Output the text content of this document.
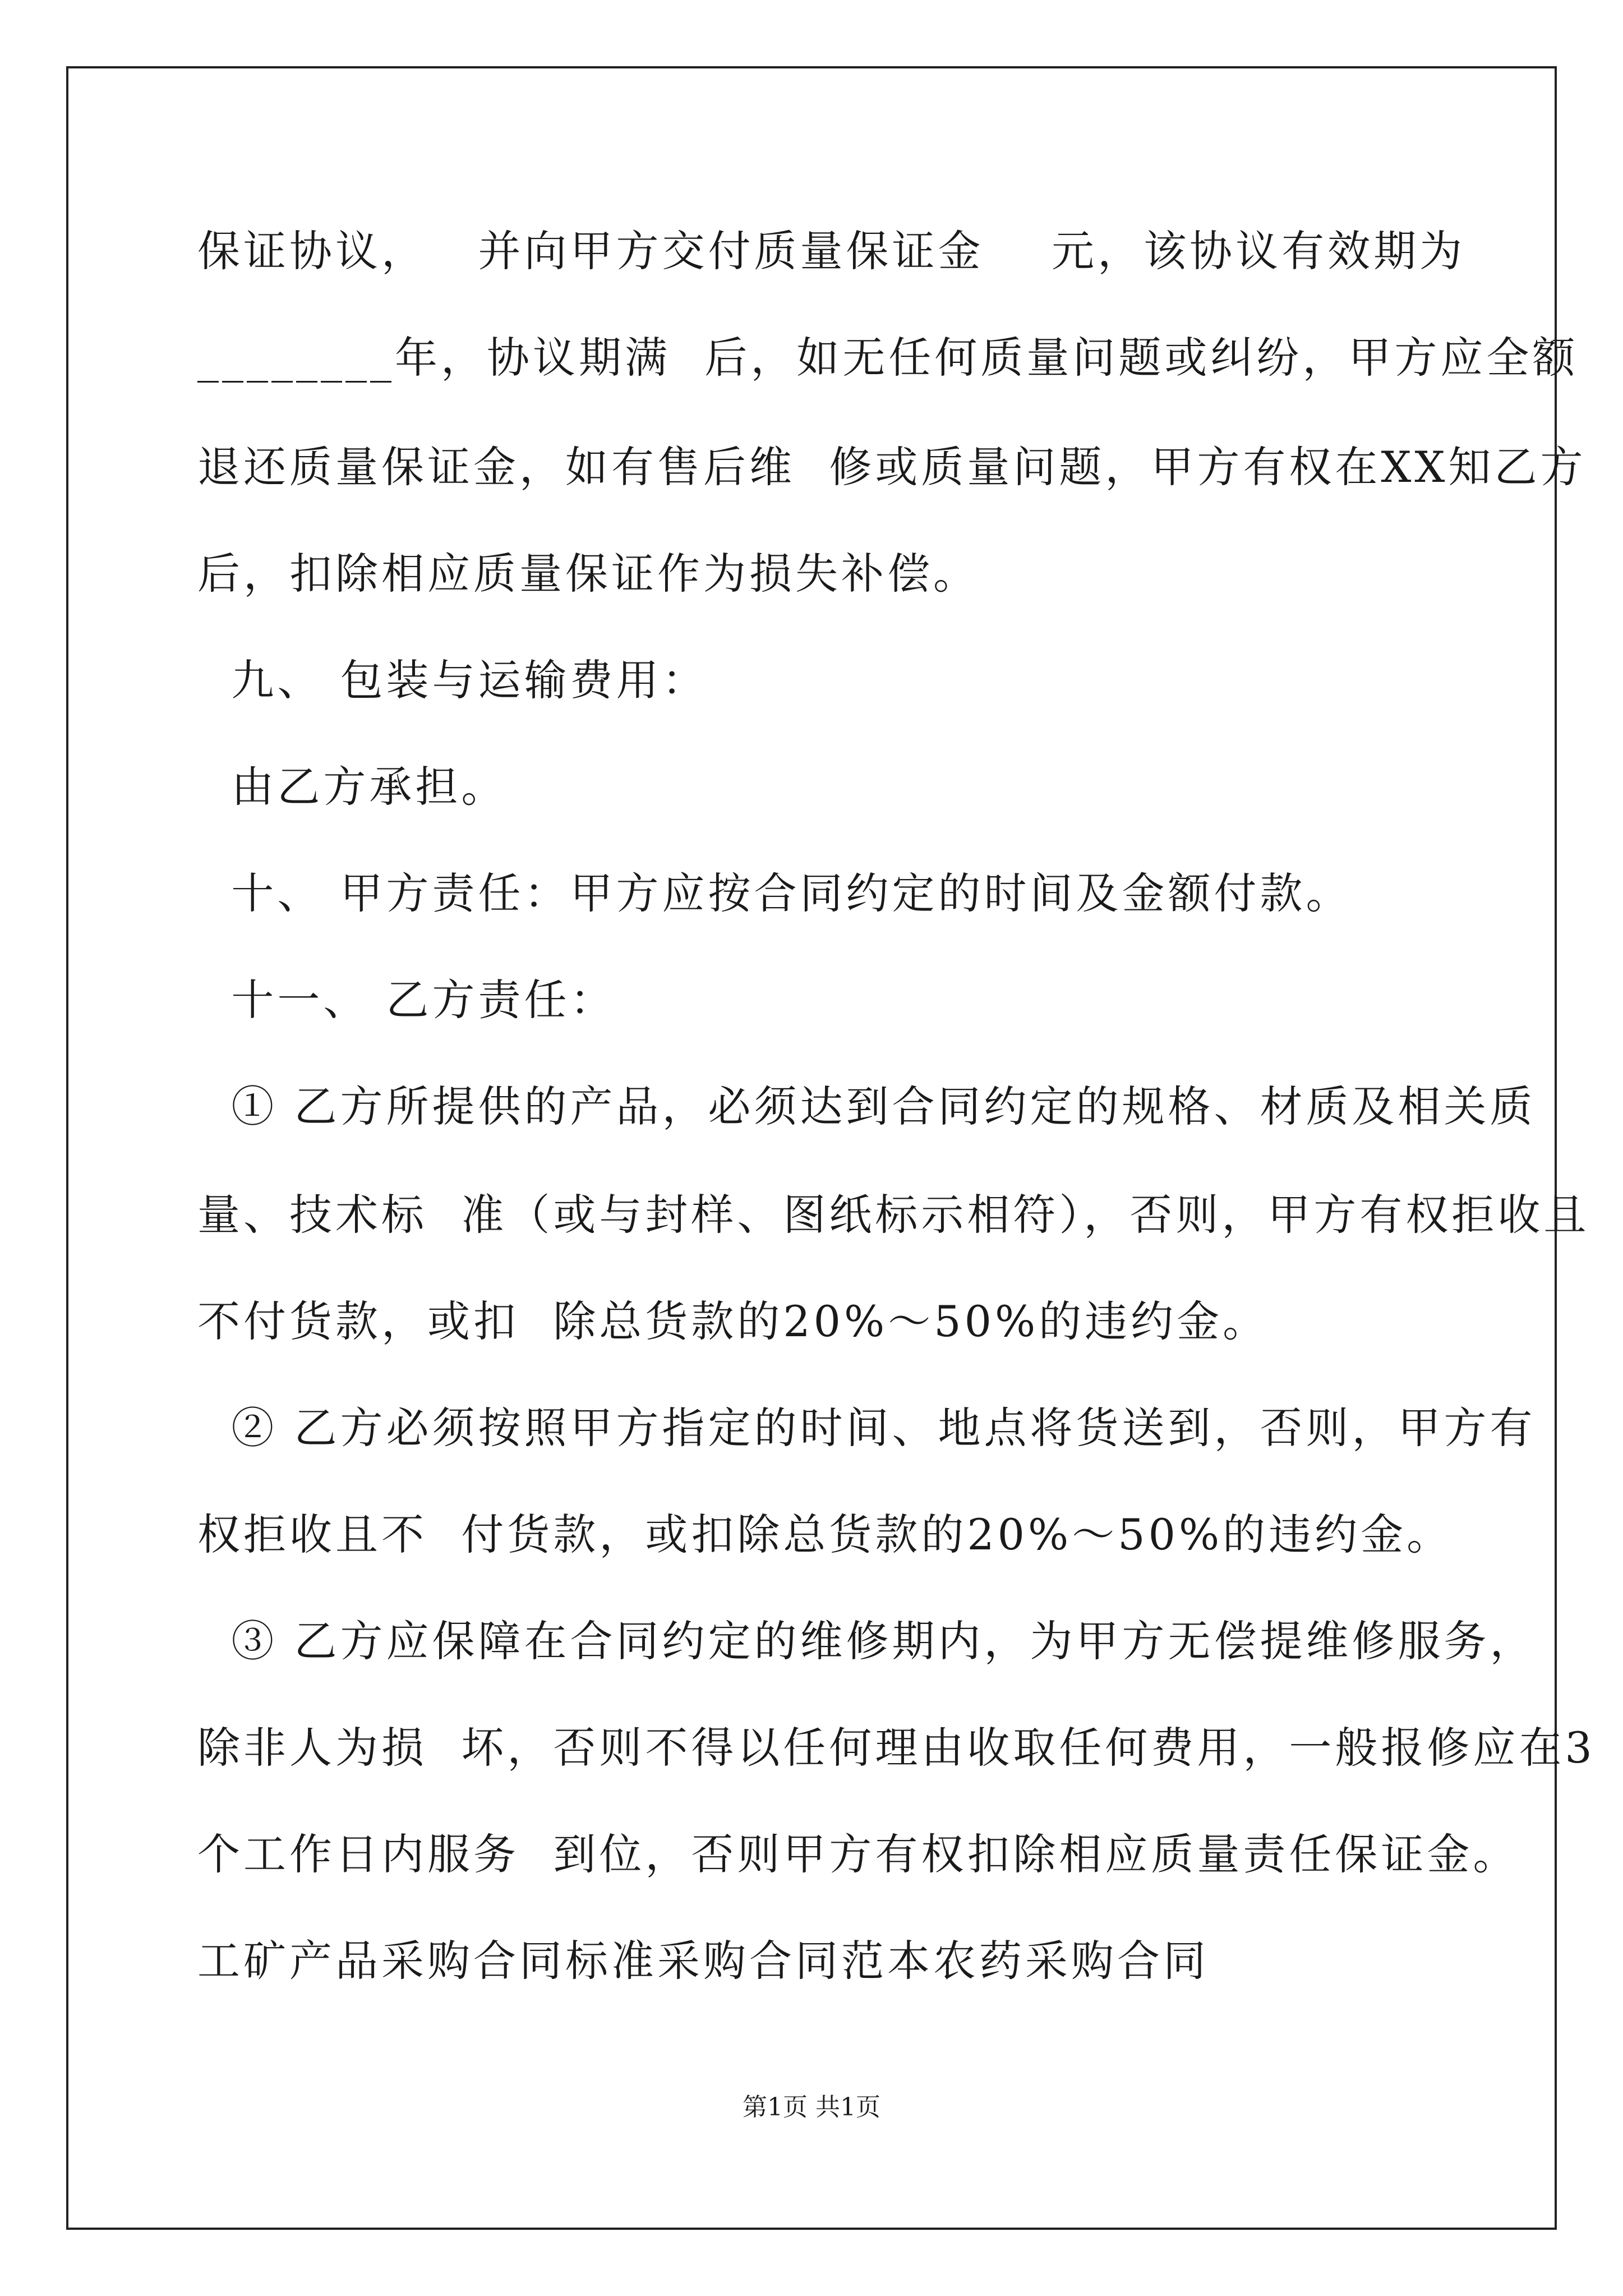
保证协议，   并向甲方交付质量保证金    元，该协议有效期为
________年，协议期满  后，如无任何质量问题或纠纷，甲方应全额
退还质量保证金，如有售后维  修或质量问题，甲方有权在XX知乙方
后，扣除相应质量保证作为损失补偿。
九、 包装与运输费用：
由乙方承担。
十、 甲方责任：甲方应按合同约定的时间及金额付款。
十一、 乙方责任：
① 乙方所提供的产品，必须达到合同约定的规格、材质及相关质
量、技术标  准（或与封样、图纸标示相符），否则，甲方有权拒收且
不付货款，或扣  除总货款的20%～50%的违约金。
② 乙方必须按照甲方指定的时间、地点将货送到，否则，甲方有
权拒收且不  付货款，或扣除总货款的20%～50%的违约金。
③ 乙方应保障在合同约定的维修期内，为甲方无偿提维修服务，
除非人为损  坏，否则不得以任何理由收取任何费用，一般报修应在3
个工作日内服务  到位，否则甲方有权扣除相应质量责任保证金。
工矿产品采购合同标准采购合同范本农药采购合同
第1页 共1页
